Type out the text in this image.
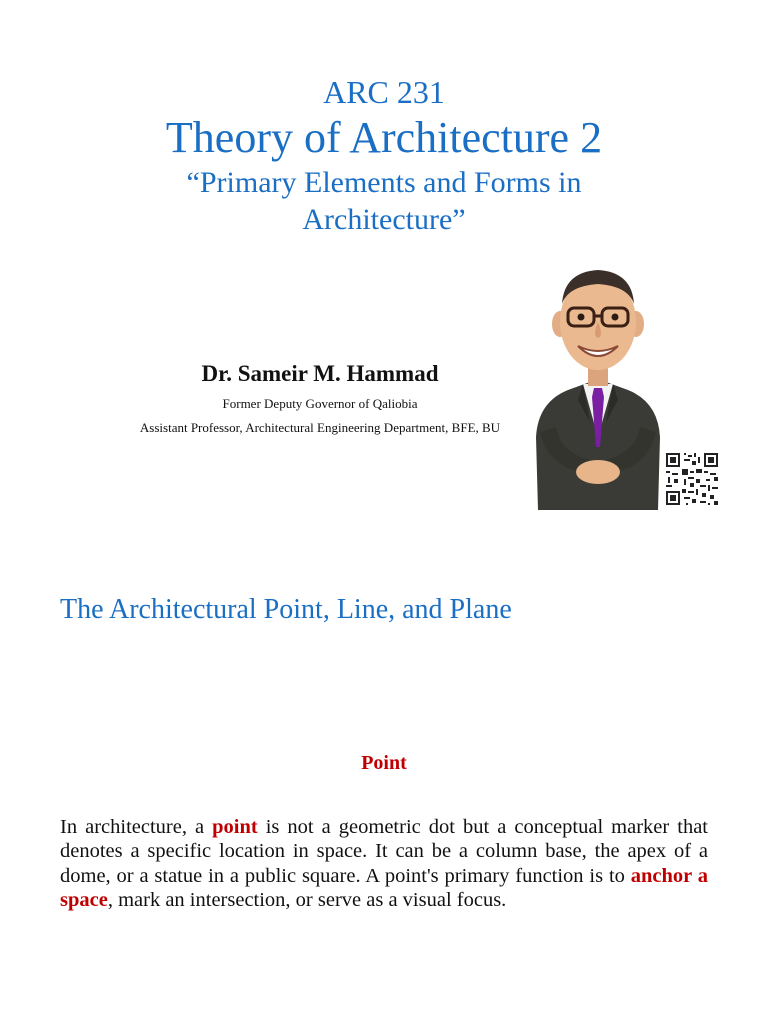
ARC 231
Theory of Architecture 2
“Primary Elements and Forms in Architecture”
Dr. Sameir M. Hammad
Former Deputy Governor of Qaliobia
Assistant Professor, Architectural Engineering Department, BFE, BU
The Architectural Point, Line, and Plane
Point
In architecture, a point is not a geometric dot but a conceptual marker that denotes a specific location in space. It can be a column base, the apex of a dome, or a statue in a public square. A point's primary function is to anchor a space, mark an intersection, or serve as a visual focus.
